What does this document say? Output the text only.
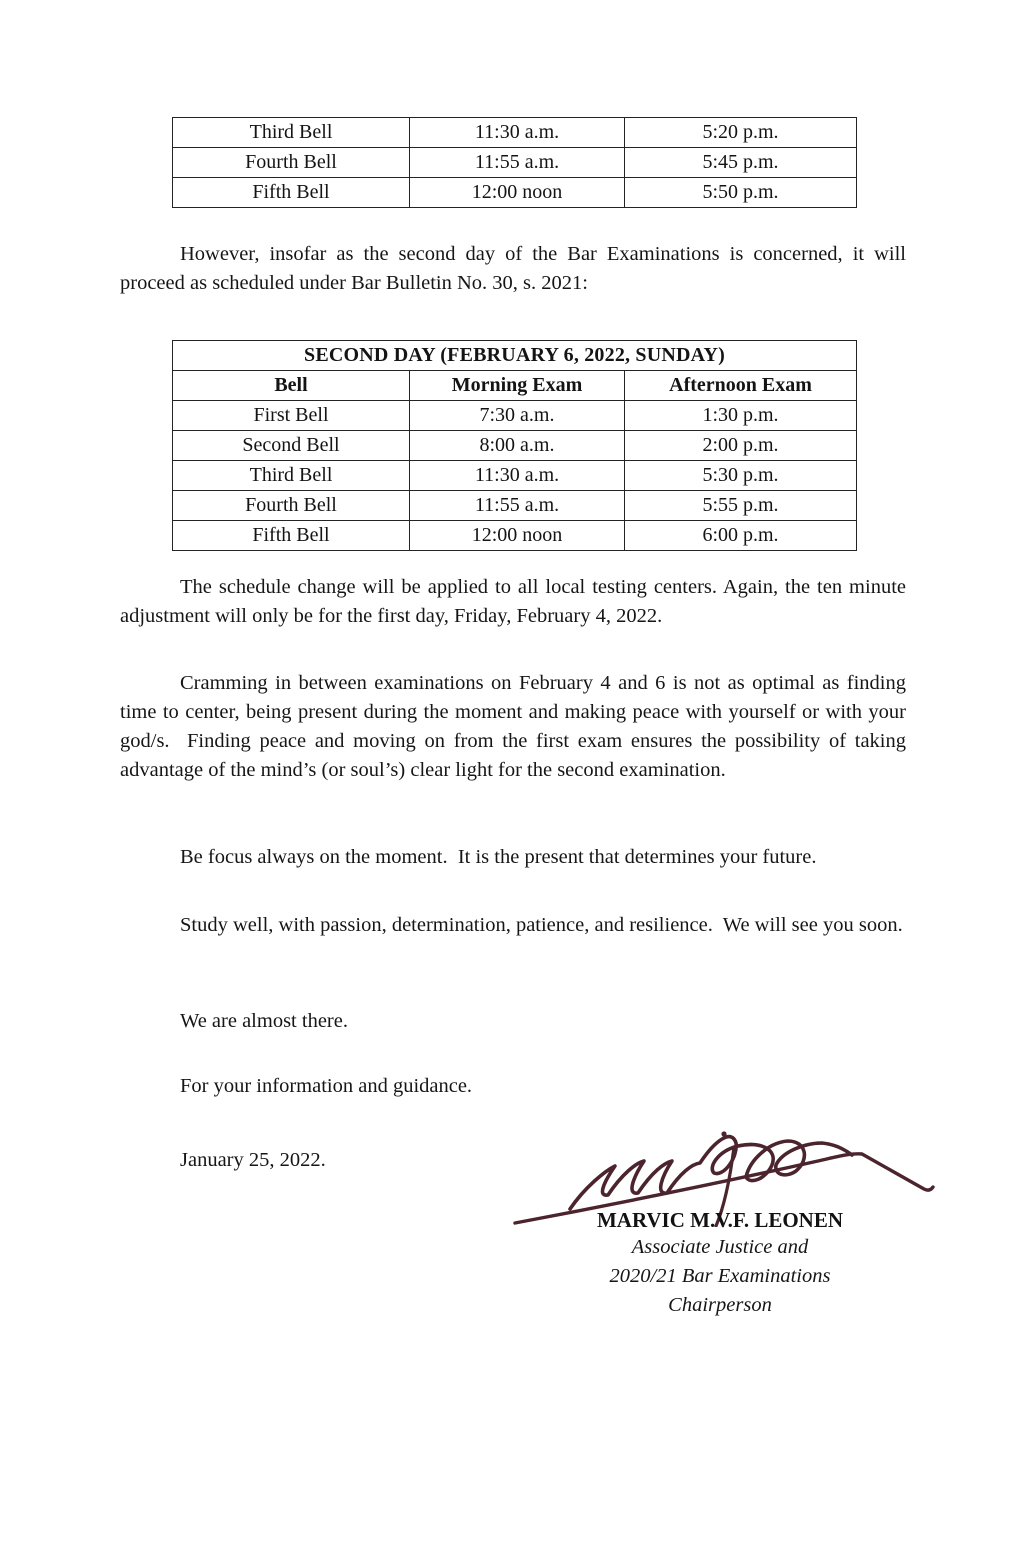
Third Bell	11:30 a.m.	5:20 p.m.
Fourth Bell	11:55 a.m.	5:45 p.m.
Fifth Bell	12:00 noon	5:50 p.m.

However, insofar as the second day of the Bar Examinations is concerned, it will proceed as scheduled under Bar Bulletin No. 30, s. 2021:

SECOND DAY (FEBRUARY 6, 2022, SUNDAY)		
Bell	Morning Exam	Afternoon Exam
First Bell	7:30 a.m.	1:30 p.m.
Second Bell	8:00 a.m.	2:00 p.m.
Third Bell	11:30 a.m.	5:30 p.m.
Fourth Bell	11:55 a.m.	5:55 p.m.
Fifth Bell	12:00 noon	6:00 p.m.

The schedule change will be applied to all local testing centers. Again, the ten minute adjustment will only be for the first day, Friday, February 4, 2022.

Cramming in between examinations on February 4 and 6 is not as optimal as finding time to center, being present during the moment and making peace with yourself or with your god/s.  Finding peace and moving on from the first exam ensures the possibility of taking advantage of the mind’s (or soul’s) clear light for the second examination.

Be focus always on the moment.  It is the present that determines your future.

Study well, with passion, determination, patience, and resilience.  We will see you soon.

We are almost there.

For your information and guidance.

January 25, 2022.

MARVIC M.V.F. LEONEN
Associate Justice and
2020/21 Bar Examinations
Chairperson
